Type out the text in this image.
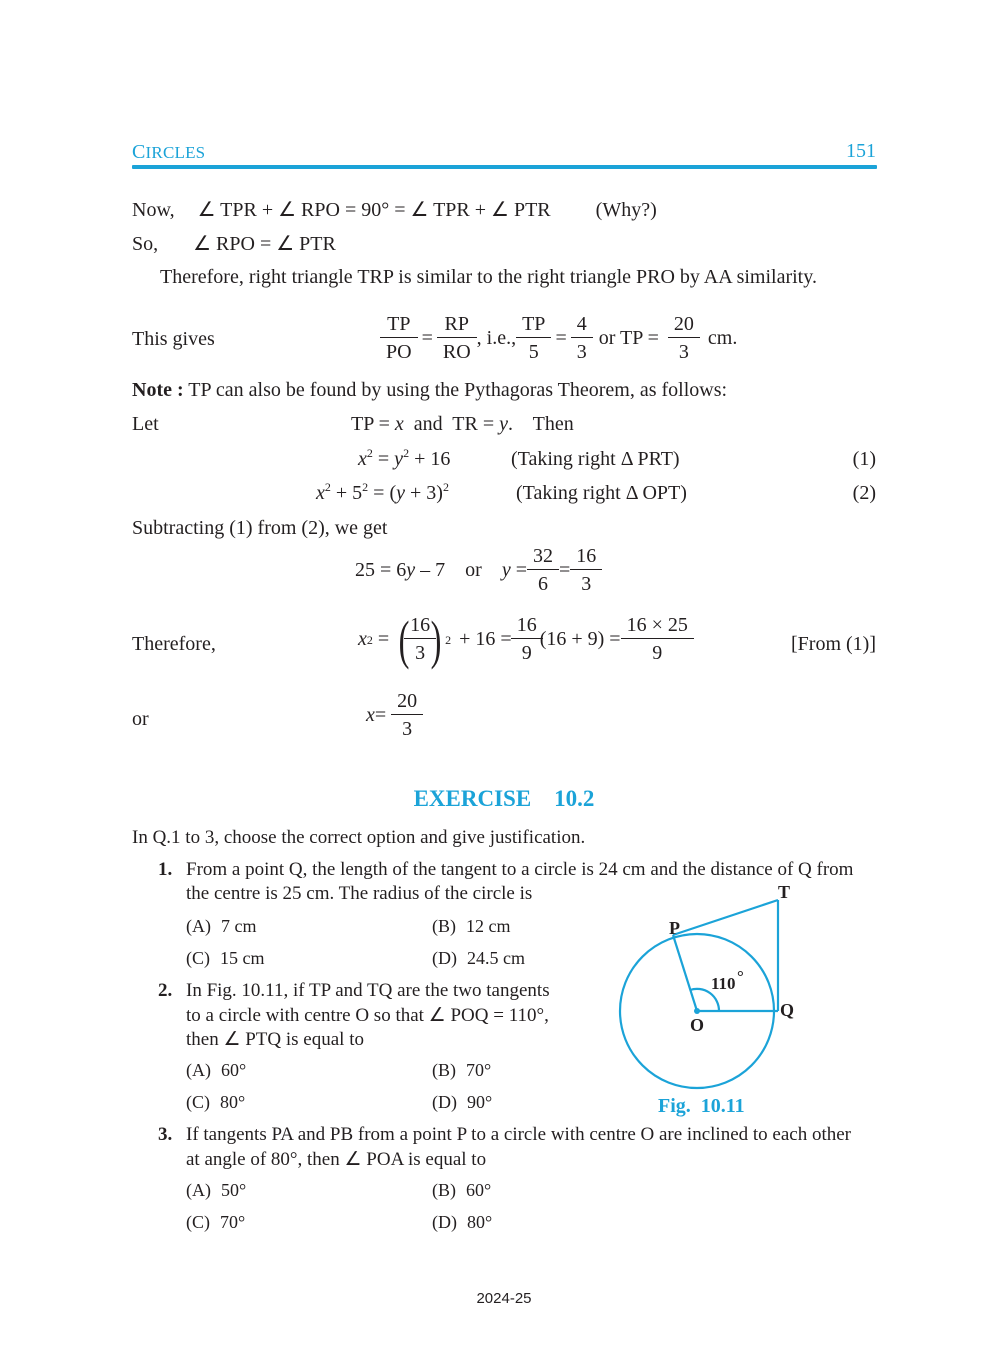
CIRCLES	151
Now, ∠ TPR + ∠ RPO = 90° = ∠ TPR + ∠ PTR (Why?)
So, ∠ RPO = ∠ PTR
Therefore, right triangle TRP is similar to the right triangle PRO by AA similarity.
This gives	$\frac{TP}{PO} = \frac{RP}{RO}$ , i.e., $\frac{TP}{5} = \frac{4}{3}$ or TP = $\frac{20}{3}$ cm.
Note : TP can also be found by using the Pythagoras Theorem, as follows:
Let	TP = x  and  TR = y.    Then
$x^2 = y^2 + 16$	(Taking right Δ PRT)	(1)
$x^2 + 5^2 = (y + 3)^2$	(Taking right Δ OPT)	(2)
Subtracting (1) from (2), we get
25 = 6 y – 7    or $y = \frac{32}{6} = \frac{16}{3}$
Therefore,	x 2 = (
$\frac{16}{3}$
) $2 + 16 = \frac{16}{9} (16 + 9) = \frac{16 \times 25}{9}$	[From (1)]
or	$x = \frac{20}{3}$
EXERCISE    10.2
In Q.1 to 3, choose the correct option and give justification.
1. From a point Q, the length of the tangent to a circle is 24 cm and the distance of Q from
the centre is 25 cm. The radius of the circle is
(A) 7 cm	(B) 12 cm
(C) 15 cm	(D) 24.5 cm
2. In Fig. 10.11, if TP and TQ are the two tangents
to a circle with centre O so that ∠ POQ = 110°,
then ∠ PTQ is equal to
(A) 60°	(B) 70°
(C) 80°	(D) 90°
T
P
O
Q
110 °
Fig.  10.11
3. If tangents PA and PB from a point P to a circle with centre O are inclined to each other
at angle of 80°, then ∠ POA is equal to
(A) 50°	(B) 60°
(C) 70°	(D) 80°
2024-25
